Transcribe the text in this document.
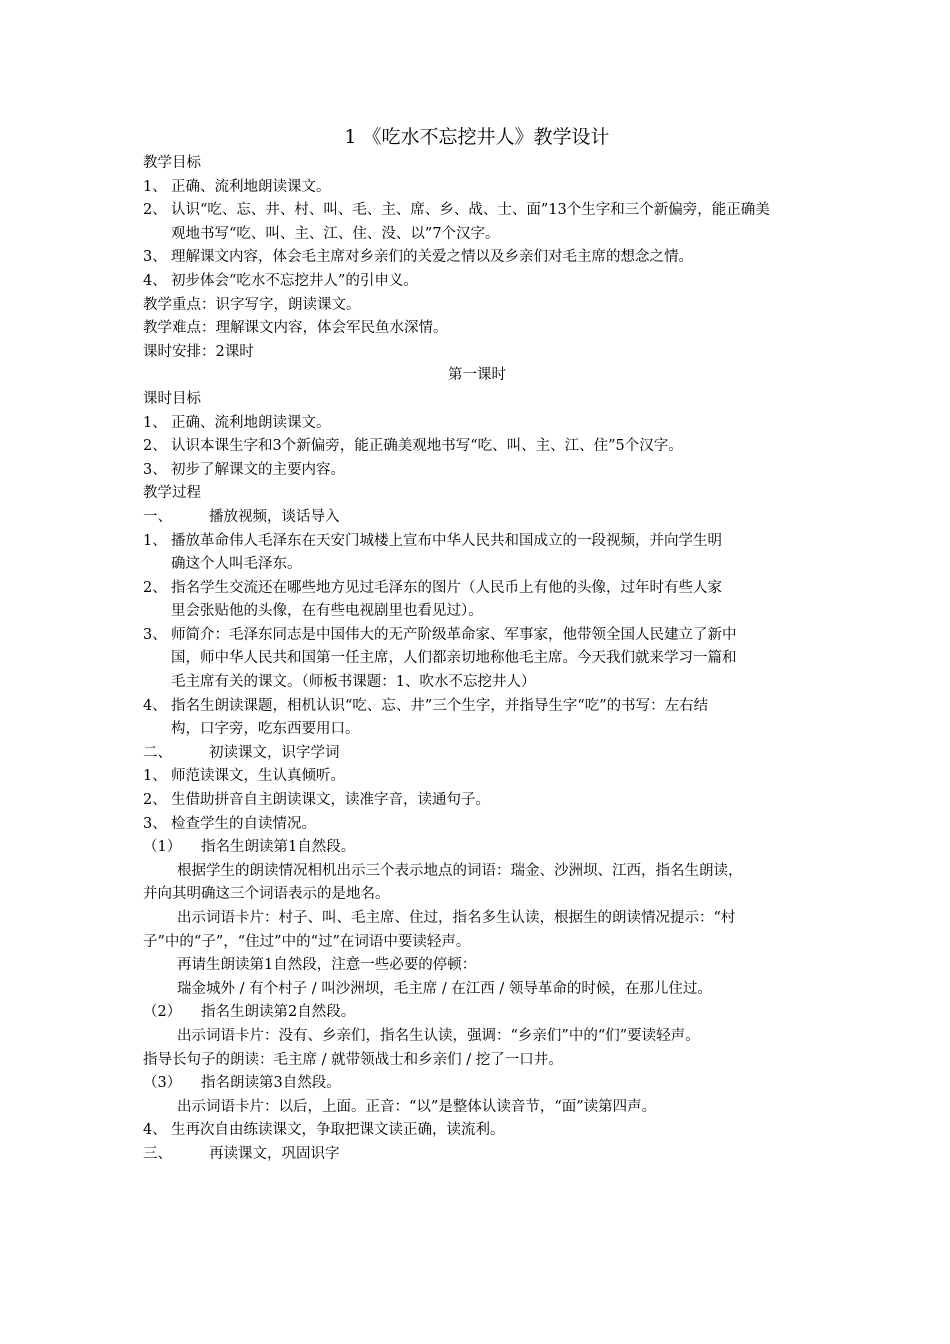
1 《吃水不忘挖井人》教学设计
教学目标
1、 正确、流利地朗读课文。
2、 认识“吃、忘、井、村、叫、毛、主、席、乡、战、士、面”13个生字和三个新偏旁，能正确美
观地书写“吃、叫、主、江、住、没、以”7个汉字。
3、 理解课文内容，体会毛主席对乡亲们的关爱之情以及乡亲们对毛主席的想念之情。
4、 初步体会“吃水不忘挖井人”的引申义。
教学重点：识字写字，朗读课文。
教学难点：理解课文内容，体会军民鱼水深情。
课时安排：2课时
第一课时
课时目标
1、 正确、流利地朗读课文。
2、 认识本课生字和3个新偏旁，能正确美观地书写“吃、叫、主、江、住”5个汉字。
3、 初步了解课文的主要内容。
教学过程
一、	播放视频，谈话导入
1、 播放革命伟人毛泽东在天安门城楼上宣布中华人民共和国成立的一段视频，并向学生明
确这个人叫毛泽东。
2、 指名学生交流还在哪些地方见过毛泽东的图片（人民币上有他的头像，过年时有些人家
里会张贴他的头像，在有些电视剧里也看见过）。
3、 师简介：毛泽东同志是中国伟大的无产阶级革命家、军事家，他带领全国人民建立了新中
国，师中华人民共和国第一任主席，人们都亲切地称他毛主席。今天我们就来学习一篇和
毛主席有关的课文。（师板书课题：1、吹水不忘挖井人）
4、 指名生朗读课题，相机认识“吃、忘、井”三个生字，并指导生字“吃”的书写：左右结
构，口字旁，吃东西要用口。
二、	初读课文，识字学词
1、 师范读课文，生认真倾听。
2、 生借助拼音自主朗读课文，读准字音，读通句子。
3、 检查学生的自读情况。
（1） 指名生朗读第1自然段。
根据学生的朗读情况相机出示三个表示地点的词语：瑞金、沙洲坝、江西，指名生朗读，
并向其明确这三个词语表示的是地名。
出示词语卡片：村子、叫、毛主席、住过，指名多生认读，根据生的朗读情况提示：“村
子”中的“子”，“住过”中的“过”在词语中要读轻声。
再请生朗读第1自然段，注意一些必要的停顿：
瑞金城外 / 有个村子 / 叫沙洲坝，毛主席 / 在江西 / 领导革命的时候，在那儿住过。
（2） 指名生朗读第2自然段。
出示词语卡片：没有、乡亲们，指名生认读，强调：“乡亲们”中的“们”要读轻声。
指导长句子的朗读：毛主席 / 就带领战士和乡亲们 / 挖了一口井。
（3） 指名朗读第3自然段。
出示词语卡片：以后，上面。正音：“以”是整体认读音节，“面”读第四声。
4、 生再次自由练读课文，争取把课文读正确，读流利。
三、	再读课文，巩固识字
